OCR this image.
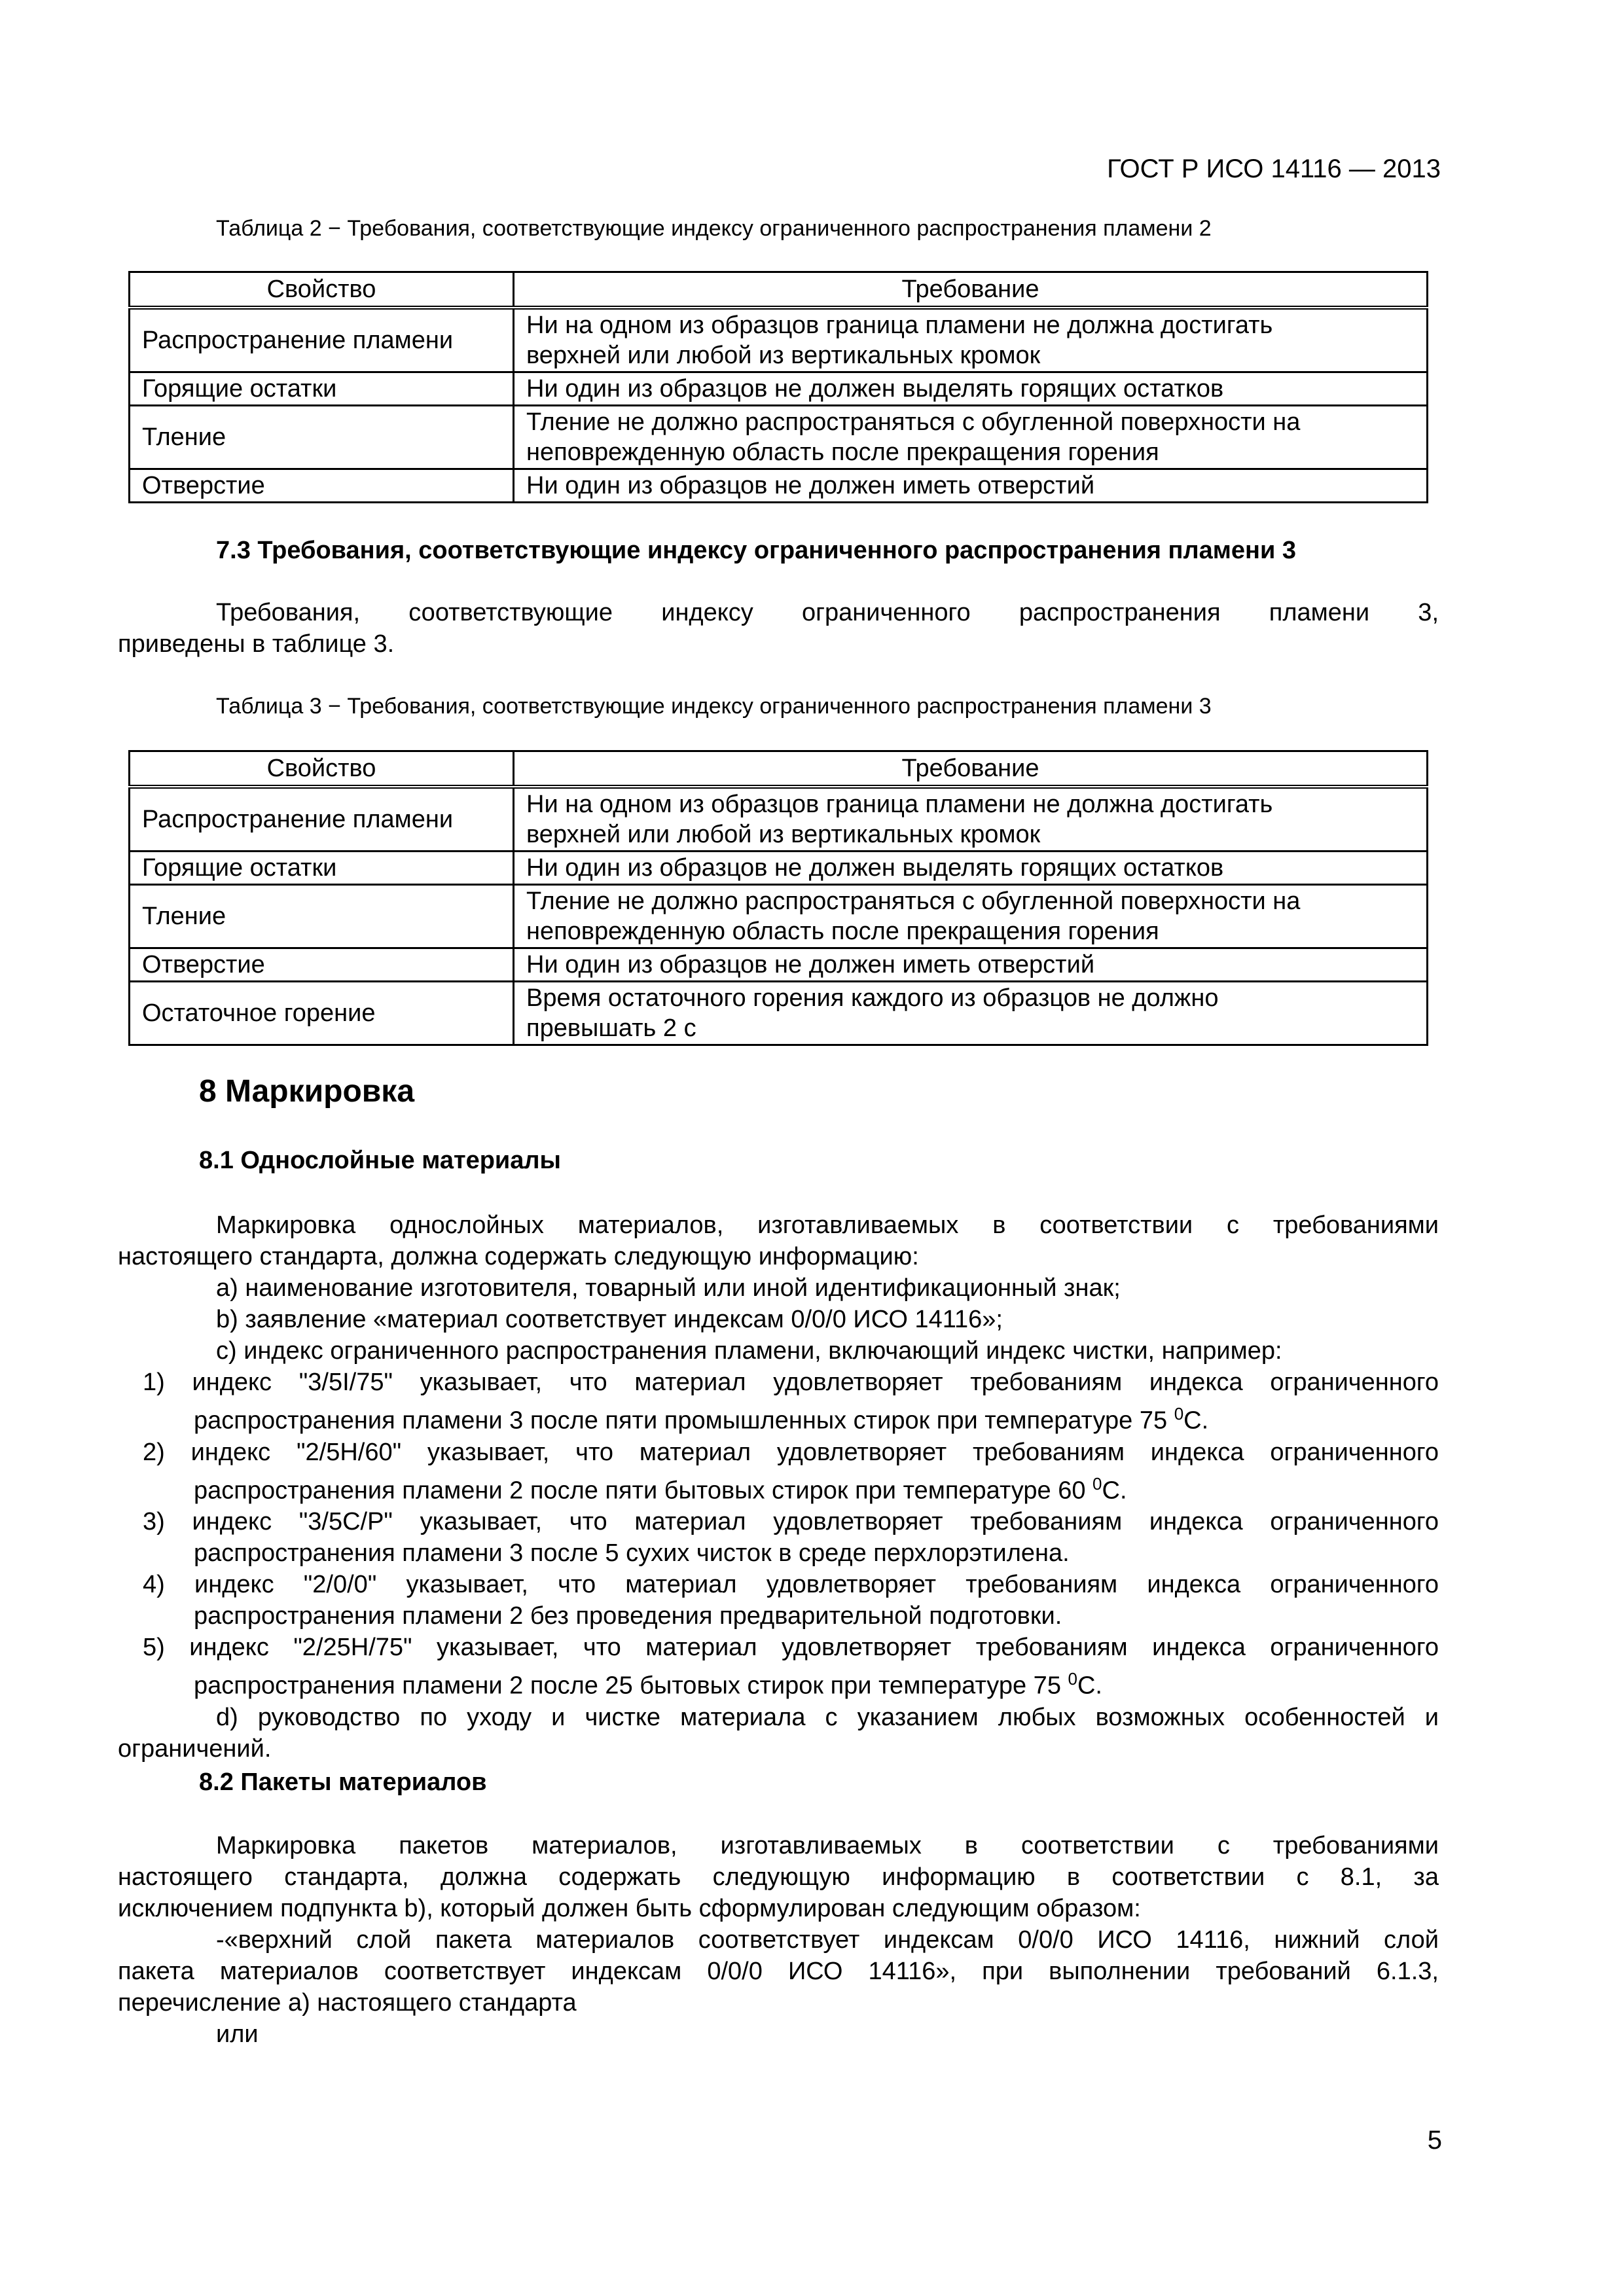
ГОСТ Р ИСО 14116 — 2013
Таблица 2 − Требования, соответствующие индексу ограниченного распространения пламени 2
Свойство	Требование
Распространение пламени	Ни на одном из образцов граница пламени не должна достигать
верхней или любой из вертикальных кромок

Горящие остатки	Ни один из образцов не должен выделять горящих остатков

Тление	Тление не должно распространяться с обугленной поверхности на
неповрежденную область после прекращения горения

Отверстие	Ни один из образцов не должен иметь отверстий
7.3 Требования, соответствующие индексу ограниченного распространения пламени 3
Требования, соответствующие индексу ограниченного распространения пламени 3,
приведены в таблице 3.
Таблица 3 − Требования, соответствующие индексу ограниченного распространения пламени 3
Свойство	Требование
Распространение пламени	Ни на одном из образцов граница пламени не должна достигать
верхней или любой из вертикальных кромок

Горящие остатки	Ни один из образцов не должен выделять горящих остатков

Тление	Тление не должно распространяться с обугленной поверхности на
неповрежденную область после прекращения горения

Отверстие	Ни один из образцов не должен иметь отверстий

Остаточное горение	Время остаточного горения каждого из образцов не должно
превышать 2 с
8 Маркировка
8.1 Однослойные материалы
Маркировка однослойных материалов, изготавливаемых в соответствии с требованиями
настоящего стандарта, должна содержать следующую информацию:
a) наименование изготовителя, товарный или иной идентификационный знак;
b) заявление «материал соответствует индексам 0/0/0 ИСО 14116»;
c) индекс ограниченного распространения пламени, включающий индекс чистки, например:
1) индекс "3/5I/75" указывает, что материал удовлетворяет требованиям индекса ограниченного
распространения пламени 3 после пяти промышленных стирок при температуре 75 $^0$C.
2) индекс "2/5H/60" указывает, что материал удовлетворяет требованиям индекса ограниченного
распространения пламени 2 после пяти бытовых стирок при температуре 60 $^0$C.
3) индекс "3/5C/P" указывает, что материал удовлетворяет требованиям индекса ограниченного
распространения пламени 3 после 5 сухих чисток в среде перхлорэтилена.
4) индекс "2/0/0" указывает, что материал удовлетворяет требованиям индекса ограниченного
распространения пламени 2 без проведения предварительной подготовки.
5) индекс "2/25H/75" указывает, что материал удовлетворяет требованиям индекса ограниченного
распространения пламени 2 после 25 бытовых стирок при температуре 75 $^0$C.
d) руководство по уходу и чистке материала с указанием любых возможных особенностей и
ограничений.
8.2 Пакеты материалов
Маркировка пакетов материалов, изготавливаемых в соответствии с требованиями
настоящего стандарта, должна содержать следующую информацию в соответствии с 8.1, за
исключением подпункта b), который должен быть сформулирован следующим образом:
-«верхний слой пакета материалов соответствует индексам 0/0/0 ИСО 14116, нижний слой
пакета материалов соответствует индексам 0/0/0 ИСО 14116», при выполнении требований 6.1.3,
перечисление а) настоящего стандарта
или
5
